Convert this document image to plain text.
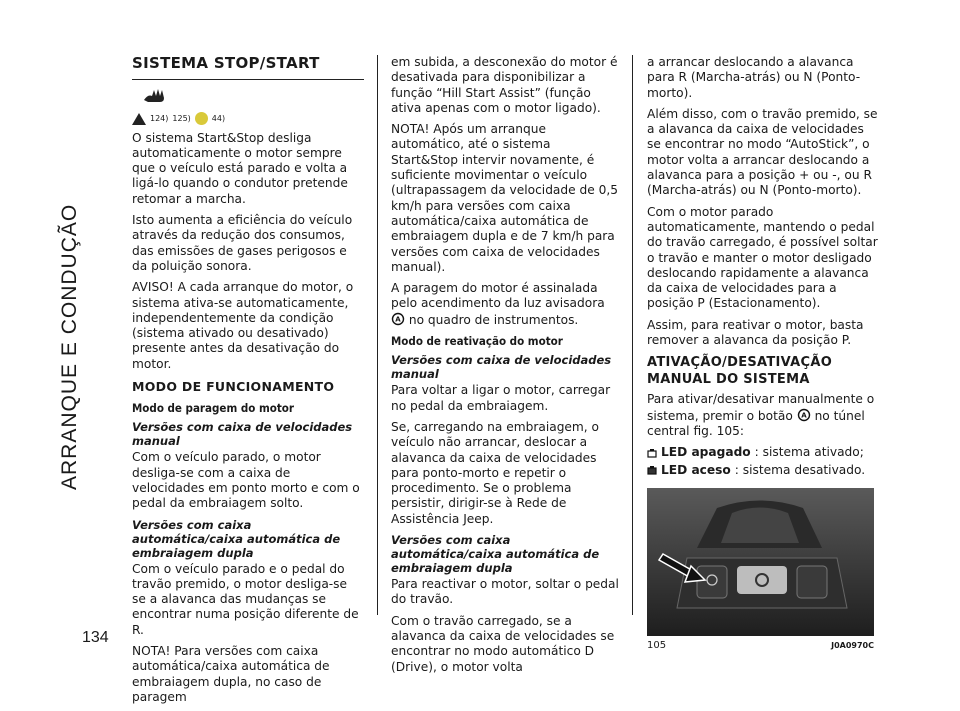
ARRANQUE E CONDUÇÃO
134
SISTEMA STOP/START
124) 125)	44)

O sistema Start&Stop desliga automaticamente o motor sempre que o veículo está parado e volta a ligá-lo quando o condutor pretende retomar a marcha.

Isto aumenta a eficiência do veículo através da redução dos consumos, das emissões de gases perigosos e da poluição sonora.

AVISO! A cada arranque do motor, o sistema ativa-se automaticamente, independentemente da condição (sistema ativado ou desativado) presente antes da desativação do motor.

MODO DE FUNCIONAMENTO
Modo de paragem do motor
Versões com caixa de velocidades manual

Com o veículo parado, o motor desliga-se com a caixa de velocidades em ponto morto e com o pedal da embraiagem solto.

Versões com caixa automática/caixa automática de embraiagem dupla

Com o veículo parado e o pedal do travão premido, o motor desliga-se se a alavanca das mudanças se encontrar numa posição diferente de R.

NOTA! Para versões com caixa automática/caixa automática de embraiagem dupla, no caso de paragem

em subida, a desconexão do motor é desativada para disponibilizar a função “Hill Start Assist” (função ativa apenas com o motor ligado).

NOTA! Após um arranque automático, até o sistema Start&Stop intervir novamente, é suficiente movimentar o veículo (ultrapassagem da velocidade de 0,5 km/h para versões com caixa automática/caixa automática de embraiagem dupla e de 7 km/h para versões com caixa de velocidades manual).

A paragem do motor é assinalada pelo acendimento da luz avisadora
A no quadro de instrumentos.

Modo de reativação do motor
Versões com caixa de velocidades manual

Para voltar a ligar o motor, carregar no pedal da embraiagem.

Se, carregando na embraiagem, o veículo não arrancar, deslocar a alavanca da caixa de velocidades para ponto-morto e repetir o procedimento. Se o problema persistir, dirigir-se à Rede de Assistência Jeep.

Versões com caixa automática/caixa automática de embraiagem dupla

Para reactivar o motor, soltar o pedal do travão.

Com o travão carregado, se a alavanca da caixa de velocidades se encontrar no modo automático D (Drive), o motor volta

a arrancar deslocando a alavanca para R (Marcha-atrás) ou N (Ponto-morto).

Além disso, com o travão premido, se a alavanca da caixa de velocidades se encontrar no modo “AutoStick”, o motor volta a arrancar deslocando a alavanca para a posição + ou -, ou R (Marcha-atrás) ou N (Ponto-morto).

Com o motor parado automaticamente, mantendo o pedal do travão carregado, é possível soltar o travão e manter o motor desligado deslocando rapidamente a alavanca da caixa de velocidades para a posição P (Estacionamento).

Assim, para reativar o motor, basta remover a alavanca da posição P.

ATIVAÇÃO/DESATIVAÇÃO MANUAL DO SISTEMA

Para ativar/desativar manualmente o sistema, premir o botão A no túnel central fig. 105:

LED apagado : sistema ativado;
LED aceso : sistema desativado.
105	J0A0970C
